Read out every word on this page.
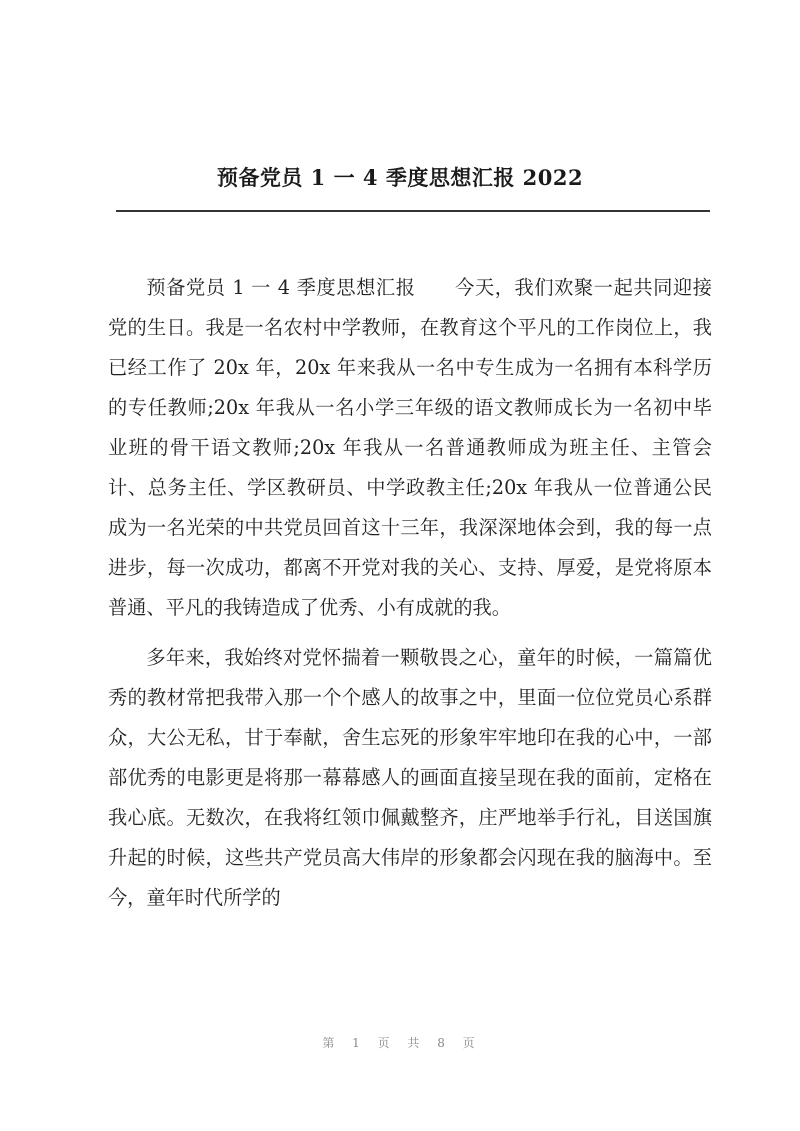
预备党员 1 一 4 季度思想汇报 2022

预备党员 1 一 4 季度思想汇报　　今天，我们欢聚一起共同迎接党的生日。我是一名农村中学教师，在教育这个平凡的工作岗位上，我已经工作了 20x 年，20x 年来我从一名中专生成为一名拥有本科学历的专任教师;20x 年我从一名小学三年级的语文教师成长为一名初中毕业班的骨干语文教师;20x 年我从一名普通教师成为班主任、主管会计、总务主任、学区教研员、中学政教主任;20x 年我从一位普通公民成为一名光荣的中共党员回首这十三年，我深深地体会到，我的每一点进步，每一次成功，都离不开党对我的关心、支持、厚爱，是党将原本普通、平凡的我铸造成了优秀、小有成就的我。

多年来，我始终对党怀揣着一颗敬畏之心，童年的时候，一篇篇优秀的教材常把我带入那一个个感人的故事之中，里面一位位党员心系群众，大公无私，甘于奉献，舍生忘死的形象牢牢地印在我的心中，一部部优秀的电影更是将那一幕幕感人的画面直接呈现在我的面前，定格在我心底。无数次，在我将红领巾佩戴整齐，庄严地举手行礼，目送国旗升起的时候，这些共产党员高大伟岸的形象都会闪现在我的脑海中。至今，童年时代所学的

第 1 页 共 8 页
